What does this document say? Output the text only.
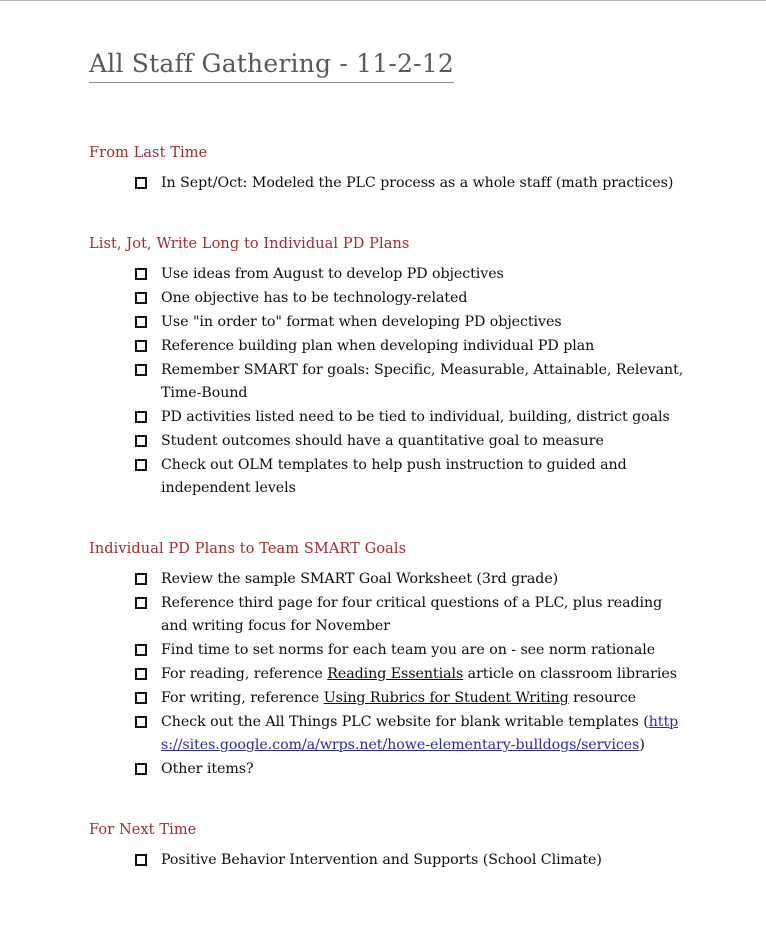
All Staff Gathering - 11-2-12
From Last Time
In Sept/Oct: Modeled the PLC process as a whole staff (math practices)
List, Jot, Write Long to Individual PD Plans
Use ideas from August to develop PD objectives
One objective has to be technology-related
Use "in order to" format when developing PD objectives
Reference building plan when developing individual PD plan
Remember SMART for goals: Specific, Measurable, Attainable, Relevant, Time-Bound
PD activities listed need to be tied to individual, building, district goals
Student outcomes should have a quantitative goal to measure
Check out OLM templates to help push instruction to guided and independent levels
Individual PD Plans to Team SMART Goals
Review the sample SMART Goal Worksheet (3rd grade)
Reference third page for four critical questions of a PLC, plus reading and writing focus for November
Find time to set norms for each team you are on - see norm rationale
For reading, reference Reading Essentials article on classroom libraries
For writing, reference Using Rubrics for Student Writing resource
Check out the All Things PLC website for blank writable templates (https://sites.google.com/a/wrps.net/howe-elementary-bulldogs/services)
Other items?
For Next Time
Positive Behavior Intervention and Supports (School Climate)
